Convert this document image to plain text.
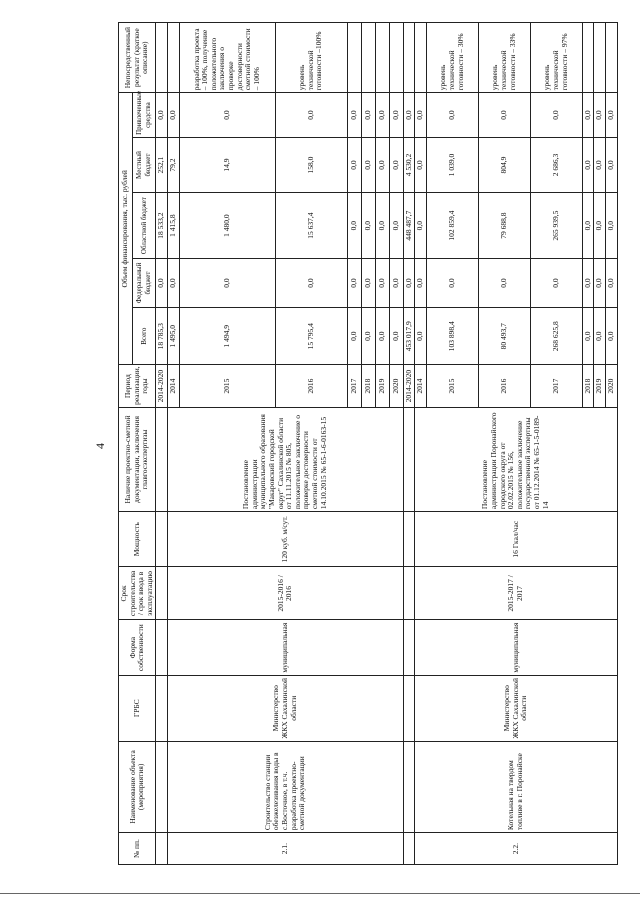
4
№ пп.	Наименование объекта (мероприятия)	ГРБС	Форма собственности	Срок строительства / срок ввода в эксплуатацию	Мощность	Наличие проектно-сметной документации, заключения главгосэкспертизы	Период реализации, годы	Объем финансирования, тыс. рублей					Непосредственный результат (краткое описание)
								Всего	Федеральный бюджет	Областной бюджет	Местный бюджет	Привлеченные средства	
							2014-2020	18 785,3	0,0	18 533,2	252,1	0,0	
2.1.	Строительство станции обезжелезивания воды в с.Восточное, в т.ч. разработка проектно-сметной документации	Министерство ЖКХ Сахалинской области	муниципальная	2015-2016 / 2016	120 куб. м/сут.	Постановление администрации муниципального образования "Макаровский городской округ" Сахалинской области от 11.11.2015 № 805, положительное заключение о проверке достоверности сметной стоимости от 14.10.2015 № 65-1-6-0163-15	2014	1 495,0	0,0	1 415,8	79,2	0,0	
							2015	1 494,9	0,0	1 480,0	14,9	0,0	разработка проекта – 100%, получение положительного заключения о проверке достоверности сметной стоимости – 100%
							2016	15 795,4	0,0	15 637,4	158,0	0,0	уровень технической готовности –100%
							2017	0,0	0,0	0,0	0,0	0,0	
							2018	0,0	0,0	0,0	0,0	0,0	
							2019	0,0	0,0	0,0	0,0	0,0	
							2020	0,0	0,0	0,0	0,0	0,0	
							2014-2020	453 017,9	0,0	448 487,7	4 530,2	0,0	
2.2.	Котельная на твердом топливе в г. Поронайске	Министерство ЖКХ Сахалинской области	муниципальная	2015-2017 / 2017	16 Гкал/час	Постановление администрации Поронайского городского округа от 02.02.2015 № 156, положительное заключение государственной экспертизы от 01.12.2014 № 65-1-5-0189-14	2014	0,0	0,0	0,0	0,0	0,0	
							2015	103 898,4	0,0	102 859,4	1 039,0	0,0	уровень технической готовности – 30%
							2016	80 493,7	0,0	79 688,8	804,9	0,0	уровень технической готовности – 33%
							2017	268 625,8	0,0	265 939,5	2 686,3	0,0	уровень технической готовности – 97%
							2018	0,0	0,0	0,0	0,0	0,0	
							2019	0,0	0,0	0,0	0,0	0,0	
							2020	0,0	0,0	0,0	0,0	0,0	
